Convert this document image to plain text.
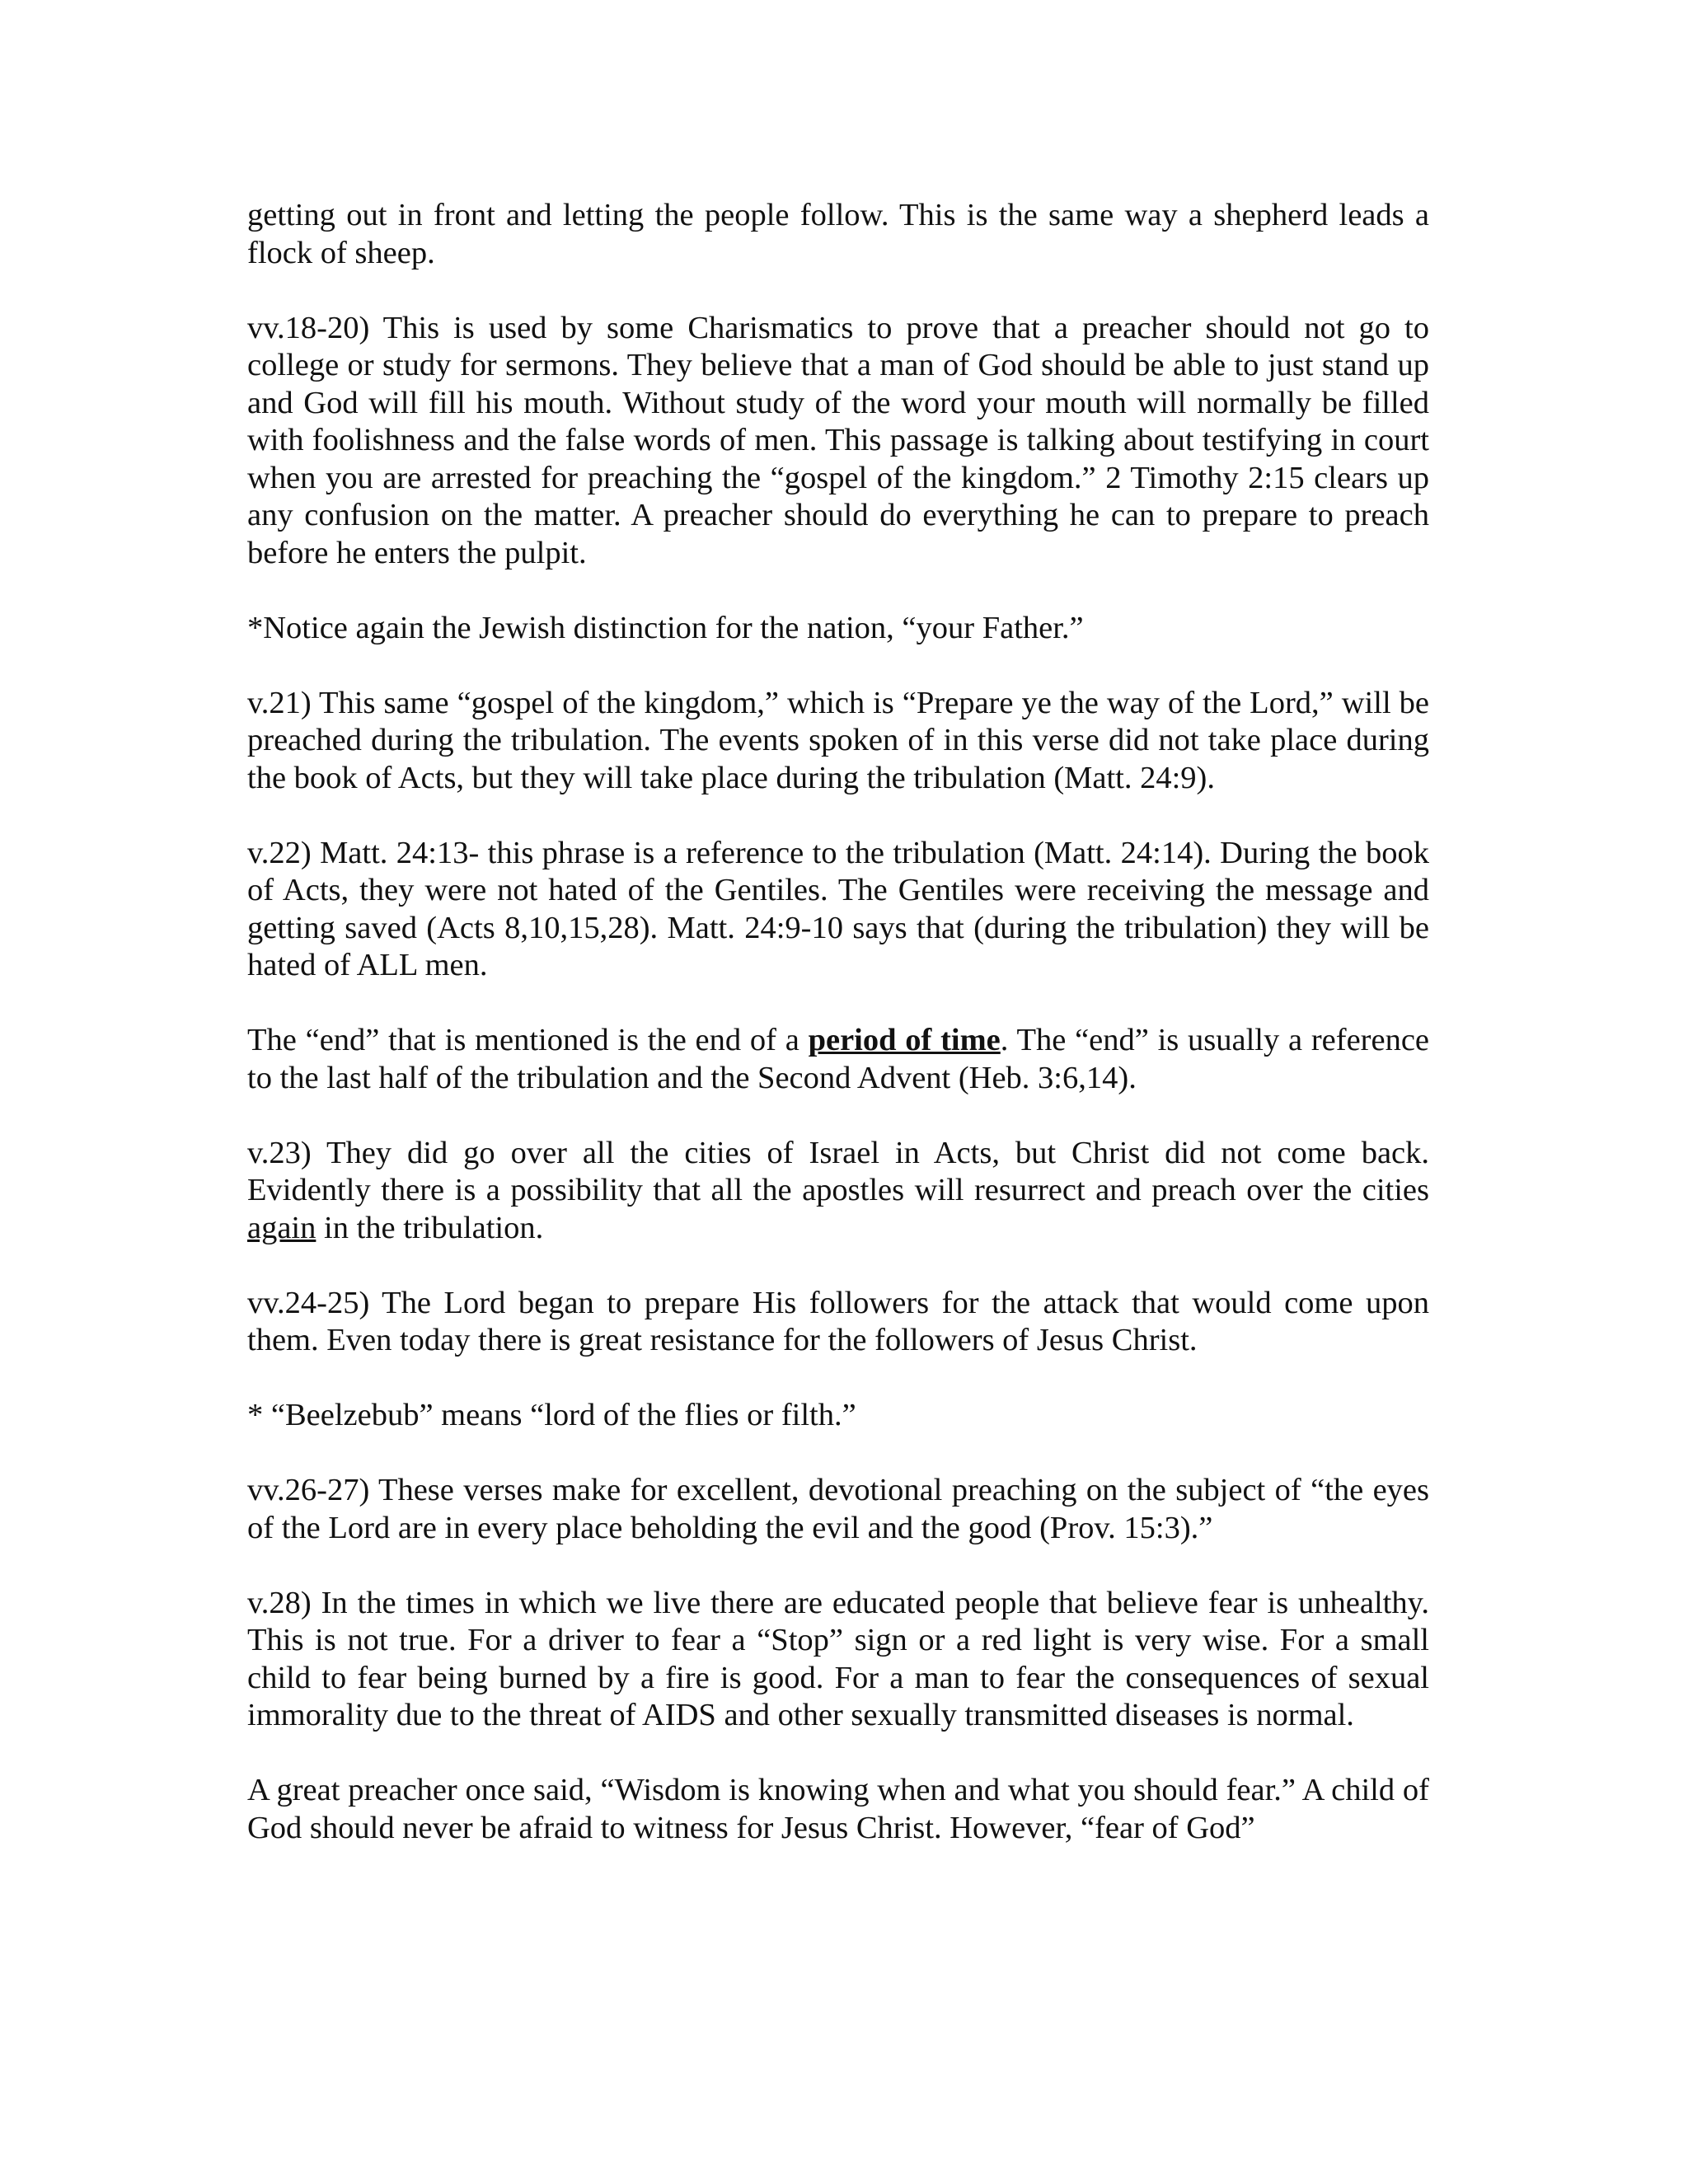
getting out in front and letting the people follow. This is the same way a shepherd leads a flock of sheep.

vv.18-20) This is used by some Charismatics to prove that a preacher should not go to college or study for sermons. They believe that a man of God should be able to just stand up and God will fill his mouth. Without study of the word your mouth will normally be filled with foolishness and the false words of men. This passage is talking about testifying in court when you are arrested for preaching the “gospel of the kingdom.” 2 Timothy 2:15 clears up any confusion on the matter. A preacher should do everything he can to prepare to preach before he enters the pulpit.

*Notice again the Jewish distinction for the nation, “your Father.”

v.21) This same “gospel of the kingdom,” which is “Prepare ye the way of the Lord,” will be preached during the tribulation. The events spoken of in this verse did not take place during the book of Acts, but they will take place during the tribulation (Matt. 24:9).

v.22) Matt. 24:13- this phrase is a reference to the tribulation (Matt. 24:14). During the book of Acts, they were not hated of the Gentiles. The Gentiles were receiving the message and getting saved (Acts 8,10,15,28). Matt. 24:9-10 says that (during the tribulation) they will be hated of ALL men.

The “end” that is mentioned is the end of a period of time. The “end” is usually a reference to the last half of the tribulation and the Second Advent (Heb. 3:6,14).

v.23) They did go over all the cities of Israel in Acts, but Christ did not come back. Evidently there is a possibility that all the apostles will resurrect and preach over the cities again in the tribulation.

vv.24-25) The Lord began to prepare His followers for the attack that would come upon them. Even today there is great resistance for the followers of Jesus Christ.

* “Beelzebub” means “lord of the flies or filth.”

vv.26-27) These verses make for excellent, devotional preaching on the subject of “the eyes of the Lord are in every place beholding the evil and the good (Prov. 15:3).”

v.28) In the times in which we live there are educated people that believe fear is unhealthy. This is not true. For a driver to fear a “Stop” sign or a red light is very wise. For a small child to fear being burned by a fire is good. For a man to fear the consequences of sexual immorality due to the threat of AIDS and other sexually transmitted diseases is normal.

A great preacher once said, “Wisdom is knowing when and what you should fear.” A child of God should never be afraid to witness for Jesus Christ. However, “fear of God”
